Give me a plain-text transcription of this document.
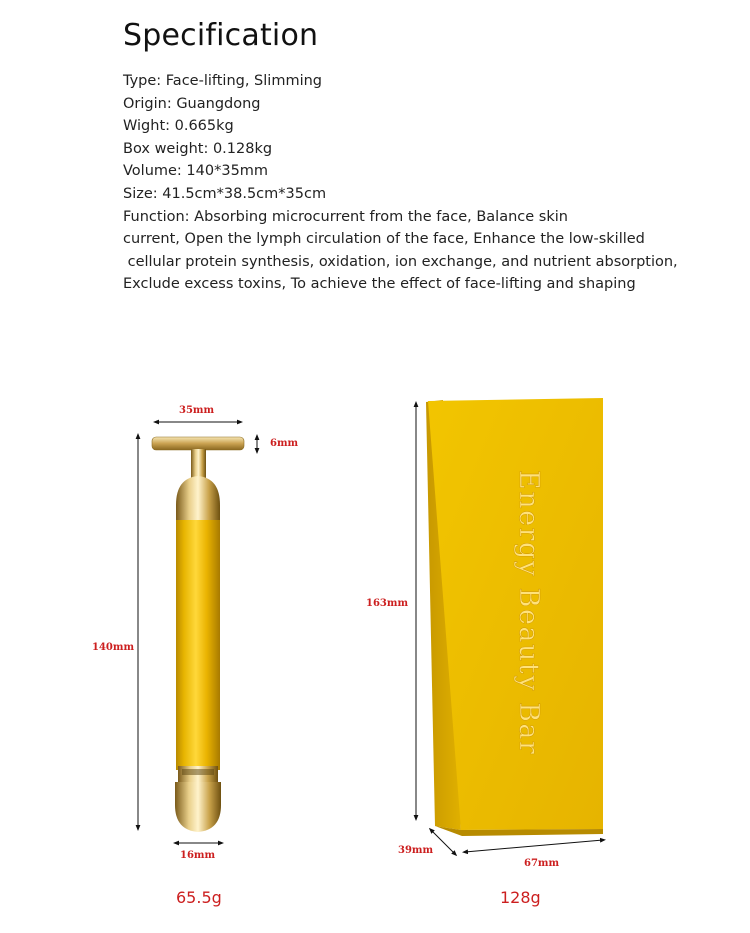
Specification
Type: Face-lifting, Slimming
Origin: Guangdong
Wight: 0.665kg
Box weight: 0.128kg
Volume: 140*35mm
Size: 41.5cm*38.5cm*35cm
Function: Absorbing microcurrent from the face, Balance skin
current, Open the lymph circulation of the face, Enhance the low-skilled
cellular protein synthesis, oxidation, ion exchange, and nutrient absorption,
Exclude excess toxins, To achieve the effect of face-lifting and shaping
Energy Beauty Bar
35mm
6mm
140mm
16mm
65.5g
163mm
39mm
67mm
128g
